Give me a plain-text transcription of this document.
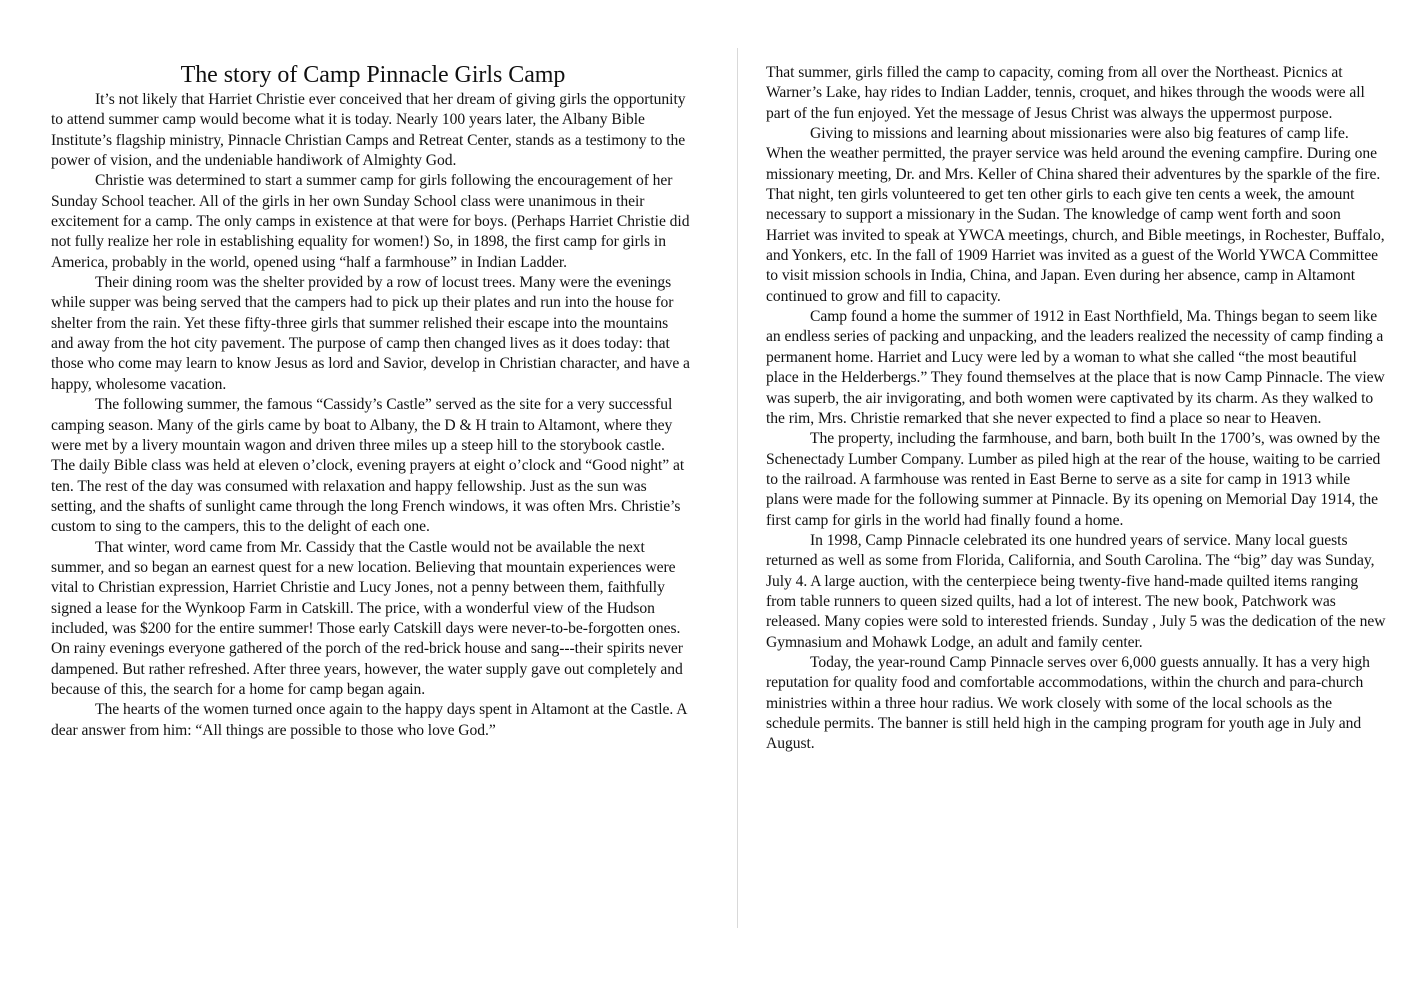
The story of Camp Pinnacle Girls Camp

It’s not likely that Harriet Christie ever conceived that her dream of giving girls the opportunity to attend summer camp would become what it is today. Nearly 100 years later, the Albany Bible Institute’s flagship ministry, Pinnacle Christian Camps and Retreat Center, stands as a testimony to the power of vision, and the undeniable handiwork of Almighty God.

Christie was determined to start a summer camp for girls following the encouragement of her Sunday School teacher. All of the girls in her own Sunday School class were unanimous in their excitement for a camp. The only camps in existence at that were for boys. (Perhaps Harriet Christie did not fully realize her role in establishing equality for women!) So, in 1898, the first camp for girls in America, probably in the world, opened using “half a farmhouse” in Indian Ladder.

Their dining room was the shelter provided by a row of locust trees. Many were the evenings while supper was being served that the campers had to pick up their plates and run into the house for shelter from the rain. Yet these fifty-three girls that summer relished their escape into the mountains and away from the hot city pavement. The purpose of camp then changed lives as it does today: that those who come may learn to know Jesus as lord and Savior, develop in Christian character, and have a happy, wholesome vacation.

The following summer, the famous “Cassidy’s Castle” served as the site for a very successful camping season. Many of the girls came by boat to Albany, the D & H train to Altamont, where they were met by a livery mountain wagon and driven three miles up a steep hill to the storybook castle. The daily Bible class was held at eleven o’clock, evening prayers at eight o’clock and “Good night” at ten. The rest of the day was consumed with relaxation and happy fellowship. Just as the sun was setting, and the shafts of sunlight came through the long French windows, it was often Mrs. Christie’s custom to sing to the campers, this to the delight of each one.

That winter, word came from Mr. Cassidy that the Castle would not be available the next summer, and so began an earnest quest for a new location. Believing that mountain experiences were vital to Christian expression, Harriet Christie and Lucy Jones, not a penny between them, faithfully signed a lease for the Wynkoop Farm in Catskill. The price, with a wonderful view of the Hudson included, was $200 for the entire summer! Those early Catskill days were never-to-be-forgotten ones. On rainy evenings everyone gathered of the porch of the red-brick house and sang---their spirits never dampened. But rather refreshed. After three years, however, the water supply gave out completely and because of this, the search for a home for camp began again.

The hearts of the women turned once again to the happy days spent in Altamont at the Castle. A dear answer from him: “All things are possible to those who love God.”

That summer, girls filled the camp to capacity, coming from all over the Northeast. Picnics at Warner’s Lake, hay rides to Indian Ladder, tennis, croquet, and hikes through the woods were all part of the fun enjoyed. Yet the message of Jesus Christ was always the uppermost purpose.

Giving to missions and learning about missionaries were also big features of camp life. When the weather permitted, the prayer service was held around the evening campfire. During one missionary meeting, Dr. and Mrs. Keller of China shared their adventures by the sparkle of the fire. That night, ten girls volunteered to get ten other girls to each give ten cents a week, the amount necessary to support a missionary in the Sudan. The knowledge of camp went forth and soon Harriet was invited to speak at YWCA meetings, church, and Bible meetings, in Rochester, Buffalo, and Yonkers, etc. In the fall of 1909 Harriet was invited as a guest of the World YWCA Committee to visit mission schools in India, China, and Japan. Even during her absence, camp in Altamont continued to grow and fill to capacity.

Camp found a home the summer of 1912 in East Northfield, Ma. Things began to seem like an endless series of packing and unpacking, and the leaders realized the necessity of camp finding a permanent home. Harriet and Lucy were led by a woman to what she called “the most beautiful place in the Helderbergs.” They found themselves at the place that is now Camp Pinnacle. The view was superb, the air invigorating, and both women were captivated by its charm. As they walked to the rim, Mrs. Christie remarked that she never expected to find a place so near to Heaven.

The property, including the farmhouse, and barn, both built In the 1700’s, was owned by the Schenectady Lumber Company. Lumber as piled high at the rear of the house, waiting to be carried to the railroad. A farmhouse was rented in East Berne to serve as a site for camp in 1913 while plans were made for the following summer at Pinnacle. By its opening on Memorial Day 1914, the first camp for girls in the world had finally found a home.

In 1998, Camp Pinnacle celebrated its one hundred years of service. Many local guests returned as well as some from Florida, California, and South Carolina. The “big” day was Sunday, July 4. A large auction, with the centerpiece being twenty-five hand-made quilted items ranging from table runners to queen sized quilts, had a lot of interest. The new book, Patchwork was released. Many copies were sold to interested friends. Sunday , July 5 was the dedication of the new Gymnasium and Mohawk Lodge, an adult and family center.

Today, the year-round Camp Pinnacle serves over 6,000 guests annually. It has a very high reputation for quality food and comfortable accommodations, within the church and para-church ministries within a three hour radius. We work closely with some of the local schools as the schedule permits. The banner is still held high in the camping program for youth age in July and August.
